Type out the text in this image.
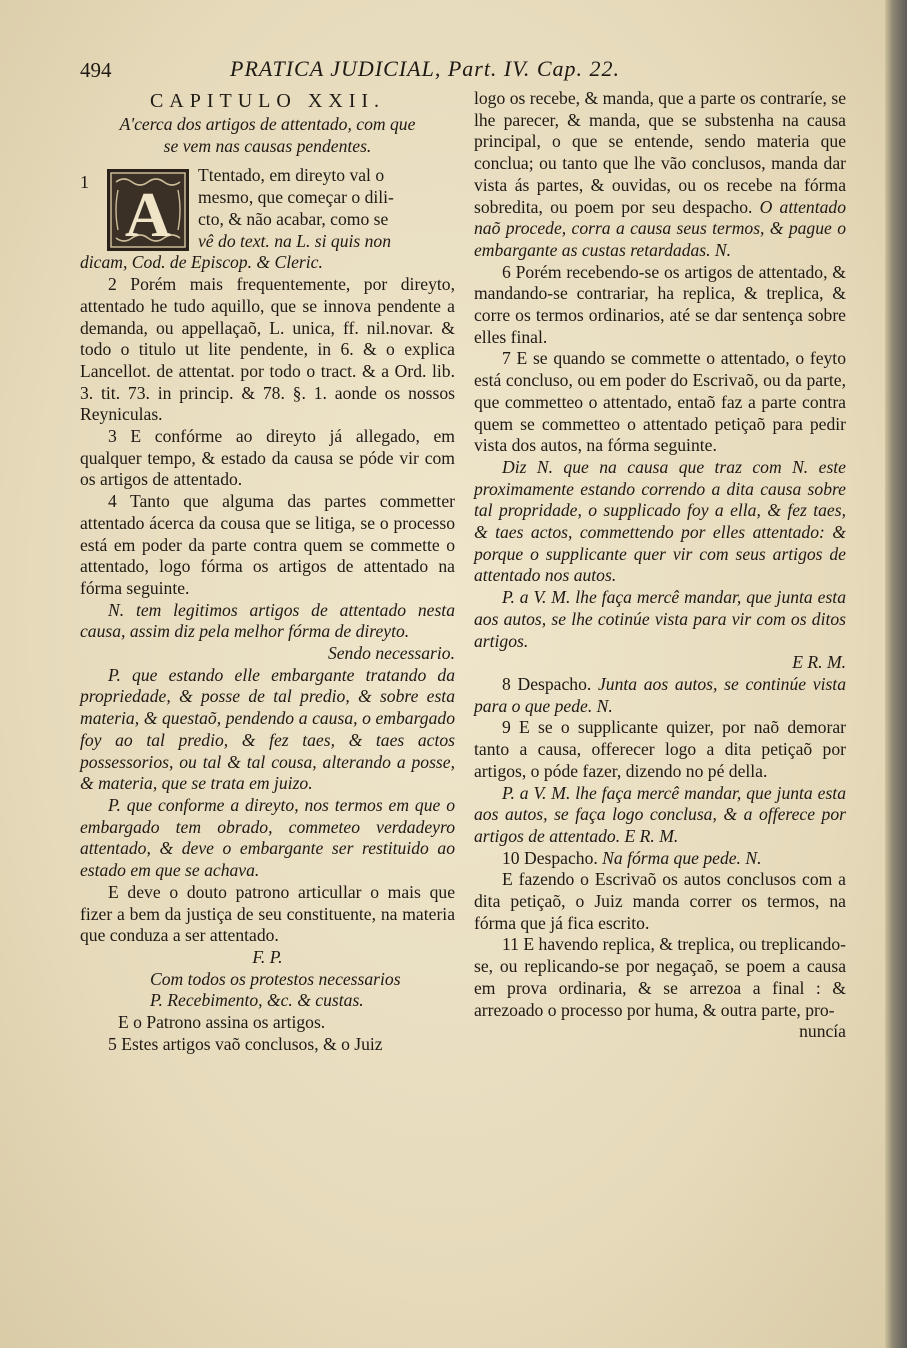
494	PRATICA JUDICIAL, Part. IV. Cap. 22.

CAPITULO XXII.

A'cerca dos artigos de attentado, com que

se vem nas causas pendentes.

1 A

Ttentado, em direyto val o

mesmo, que começar o dili-

cto, & não acabar, como se

vê do text. na L. si quis non

dicam, Cod. de Episcop. & Cleric.

2 Porém mais frequentemente, por direyto, attentado he tudo aquillo, que se innova pendente a demanda, ou appellaçaõ, L. unica, ff. nil.novar. & todo o titulo ut lite pendente, in 6. & o explica Lancellot. de attentat. por todo o tract. & a Ord. lib. 3. tit. 73. in princip. & 78. §. 1. aonde os nossos Reyniculas.

3 E confórme ao direyto já allegado, em qualquer tempo, & estado da causa se póde vir com os artigos de attentado.

4 Tanto que alguma das partes commetter attentado ácerca da cousa que se litiga, se o processo está em poder da parte contra quem se commette o attentado, logo fórma os artigos de attentado na fórma seguinte.

N. tem legitimos artigos de attentado nesta causa, assim diz pela melhor fórma de direyto.

Sendo necessario.

P. que estando elle embargante tratando da propriedade, & posse de tal predio, & sobre esta materia, & questaõ, pendendo a causa, o embargado foy ao tal predio, & fez taes, & taes actos possessorios, ou tal & tal cousa, alterando a posse, & materia, que se trata em juizo.

P. que conforme a direyto, nos termos em que o embargado tem obrado, commeteo verdadeyro attentado, & deve o embargante ser restituido ao estado em que se achava.

E deve o douto patrono articullar o mais que fizer a bem da justiça de seu constituente, na materia que conduza a ser attentado.

F. P.

Com todos os protestos necessarios

P. Recebimento, &c. & custas.

E o Patrono assina os artigos.

5 Estes artigos vaõ conclusos, & o Juiz

logo os recebe, & manda, que a parte os contraríe, se lhe parecer, & manda, que se substenha na causa principal, o que se entende, sendo materia que conclua; ou tanto que lhe vão conclusos, manda dar vista ás partes, & ouvidas, ou os recebe na fórma sobredita, ou poem por seu despacho. O attentado naõ procede, corra a causa seus termos, & pague o embargante as custas retardadas. N.

6 Porém recebendo-se os artigos de attentado, & mandando-se contrariar, ha replica, & treplica, & corre os termos ordinarios, até se dar sentença sobre elles final.

7 E se quando se commette o attentado, o feyto está concluso, ou em poder do Escrivaõ, ou da parte, que commetteo o attentado, entaõ faz a parte contra quem se commetteo o attentado petiçaõ para pedir vista dos autos, na fórma seguinte.

Diz N. que na causa que traz com N. este proximamente estando correndo a dita causa sobre tal propridade, o supplicado foy a ella, & fez taes, & taes actos, commettendo por elles attentado: & porque o supplicante quer vir com seus artigos de attentado nos autos.

P. a V. M. lhe faça mercê mandar, que junta esta aos autos, se lhe cotinúe vista para vir com os ditos artigos.

E R. M.

8 Despacho. Junta aos autos, se continúe vista para o que pede. N.

9 E se o supplicante quizer, por naõ demorar tanto a causa, offerecer logo a dita petiçaõ por artigos, o póde fazer, dizendo no pé della.

P. a V. M. lhe faça mercê mandar, que junta esta aos autos, se faça logo conclusa, & a offerece por artigos de attentado. E R. M.

10 Despacho. Na fórma que pede. N.

E fazendo o Escrivaõ os autos conclusos com a dita petiçaõ, o Juiz manda correr os termos, na fórma que já fica escrito.

11 E havendo replica, & treplica, ou treplicando-se, ou replicando-se por negaçaõ, se poem a causa em prova ordinaria, & se arrezoa a final : & arrezoado o processo por huma, & outra parte, pro-

nuncía
